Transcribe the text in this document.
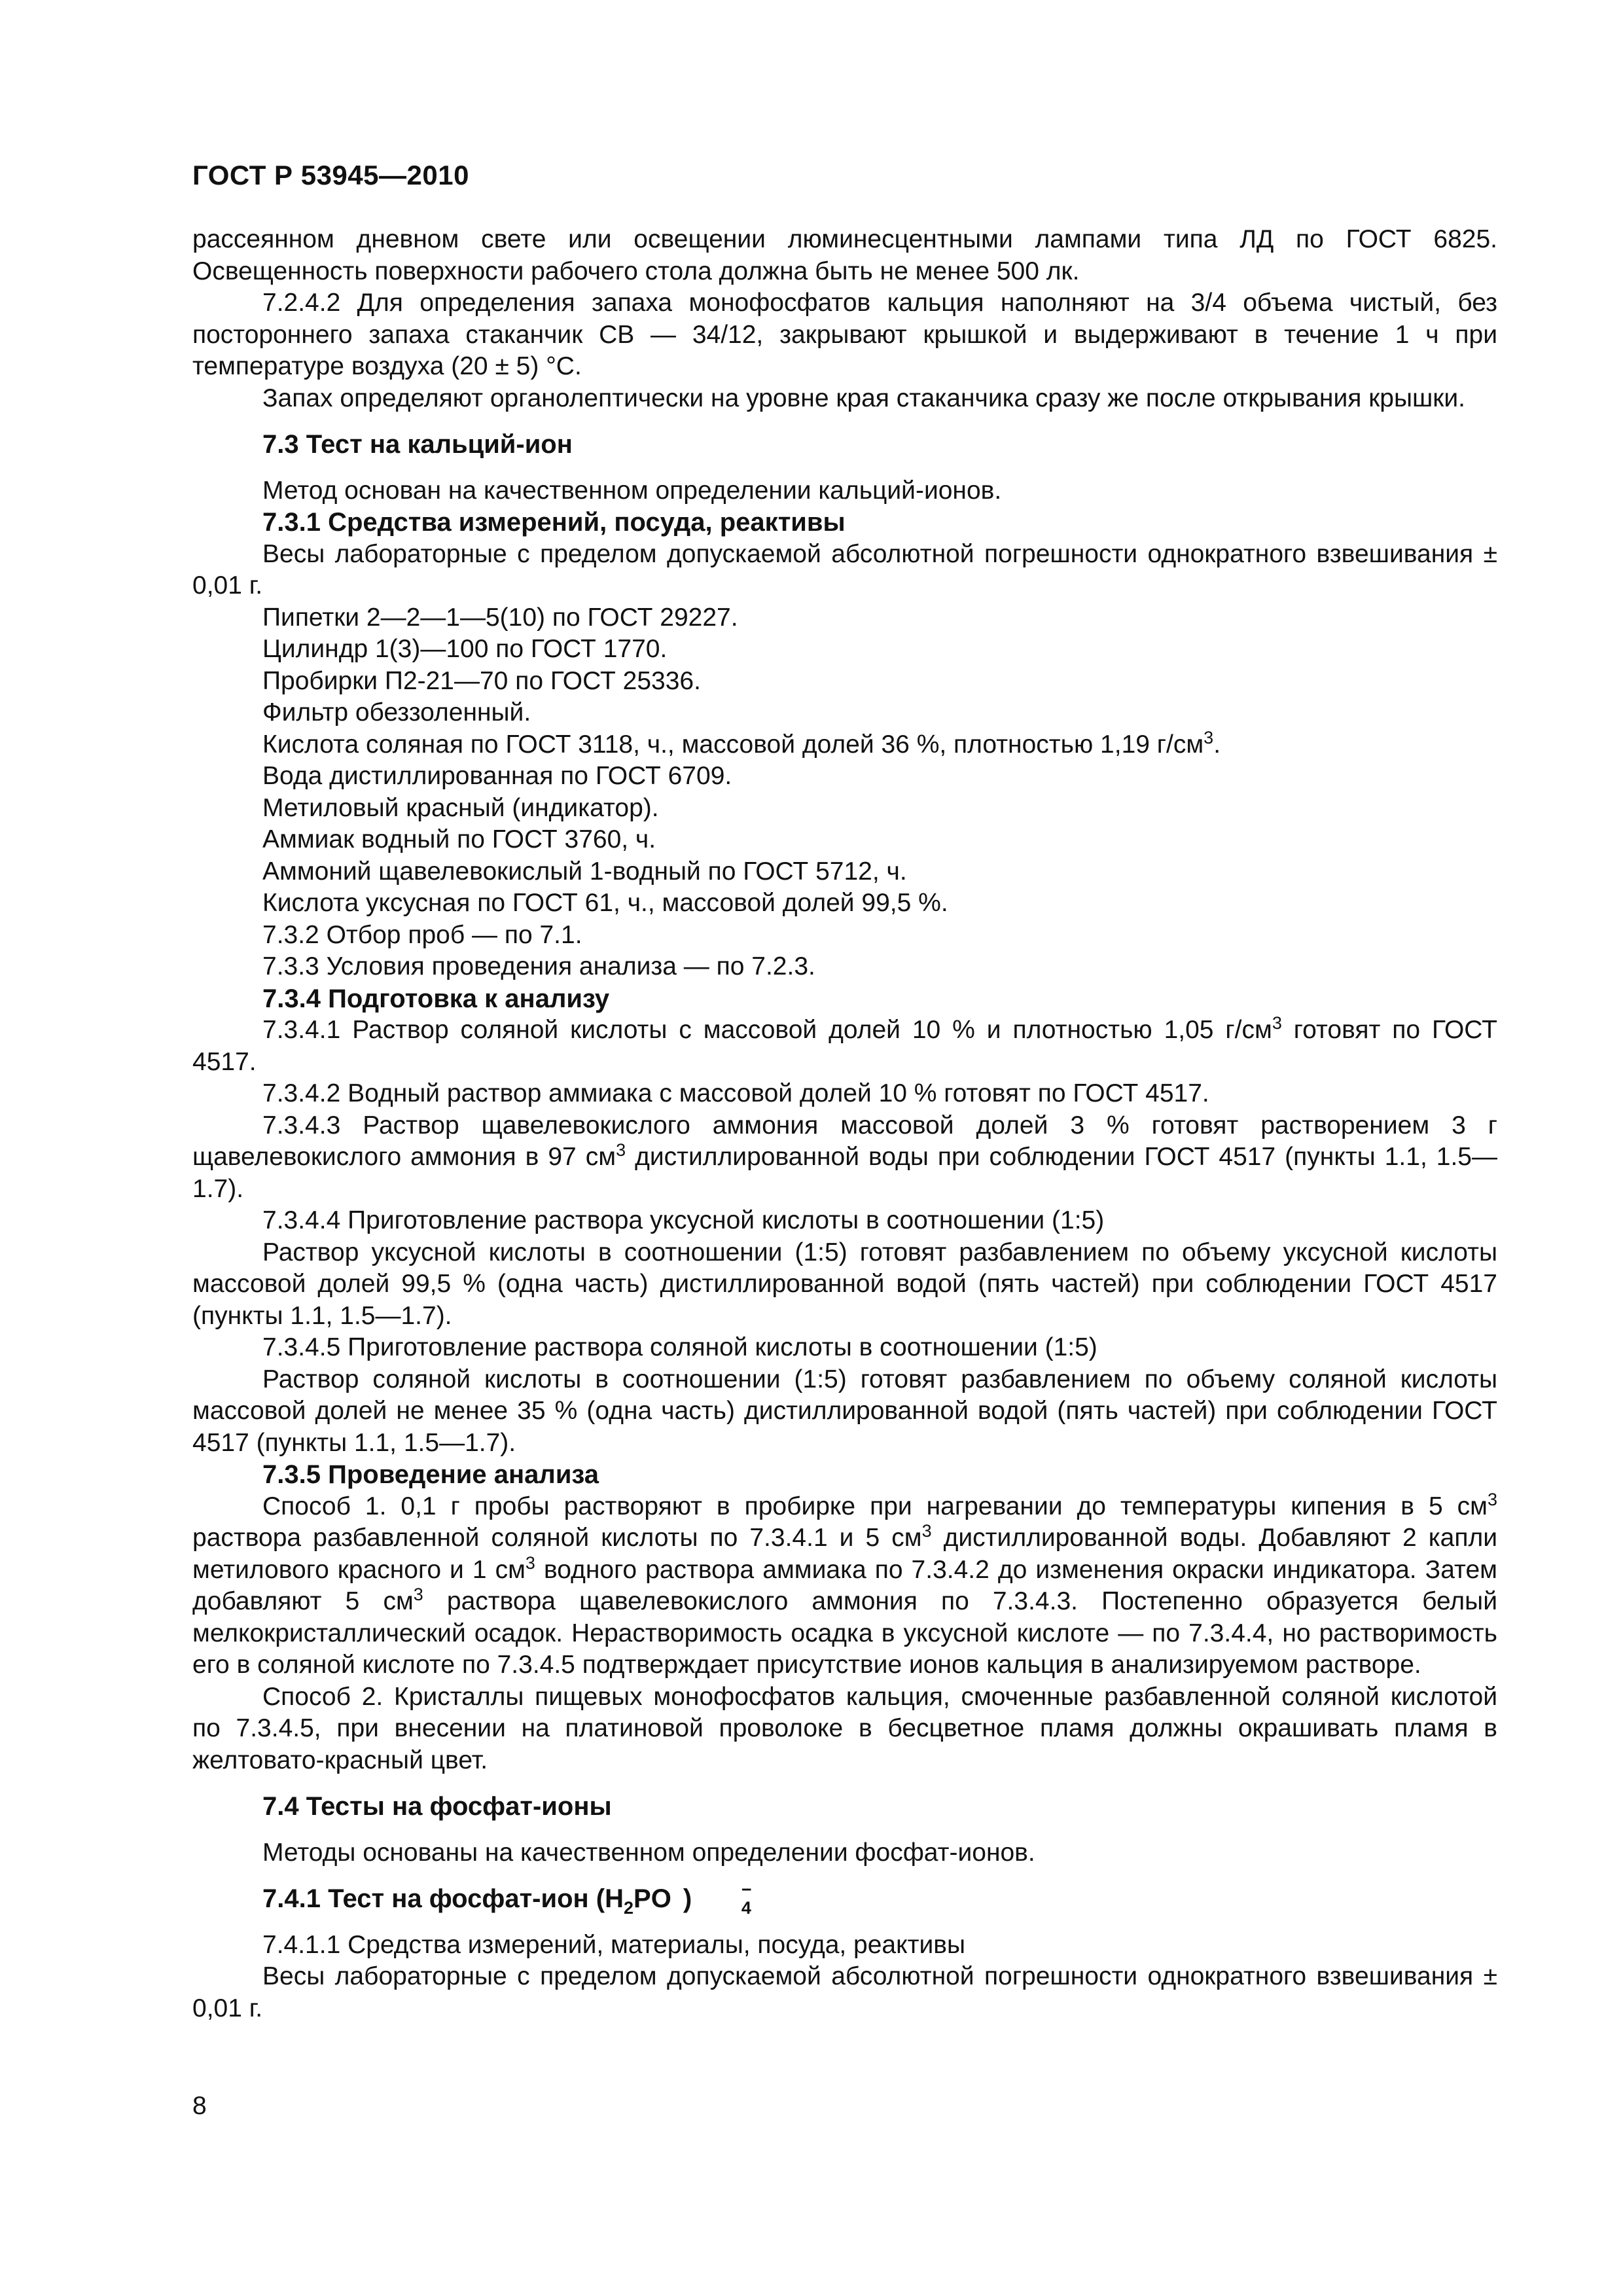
ГОСТ Р 53945—2010

рассеянном дневном свете или освещении люминесцентными лампами типа ЛД по ГОСТ 6825. Освещенность поверхности рабочего стола должна быть не менее 500 лк.

7.2.4.2 Для определения запаха монофосфатов кальция наполняют на 3/4 объема чистый, без постороннего запаха стаканчик СВ — 34/12, закрывают крышкой и выдерживают в течение 1 ч при температуре воздуха (20 ± 5) °С.

Запах определяют органолептически на уровне края стаканчика сразу же после открывания крышки.

7.3 Тест на кальций-ион

Метод основан на качественном определении кальций-ионов.

7.3.1 Средства измерений, посуда, реактивы

Весы лабораторные с пределом допускаемой абсолютной погрешности однократного взвешивания ± 0,01 г.

Пипетки 2—2—1—5(10) по ГОСТ 29227.

Цилиндр 1(3)—100 по ГОСТ 1770.

Пробирки П2-21—70 по ГОСТ 25336.

Фильтр обеззоленный.

Кислота соляная по ГОСТ 3118, ч., массовой долей 36 %, плотностью 1,19 $г/см^3$.

Вода дистиллированная по ГОСТ 6709.

Метиловый красный (индикатор).

Аммиак водный по ГОСТ 3760, ч.

Аммоний щавелевокислый 1-водный по ГОСТ 5712, ч.

Кислота уксусная по ГОСТ 61, ч., массовой долей 99,5 %.

7.3.2 Отбор проб — по 7.1.

7.3.3 Условия проведения анализа — по 7.2.3.

7.3.4 Подготовка к анализу

7.3.4.1 Раствор соляной кислоты с массовой долей 10 % и плотностью 1,05 $г/см^3$ готовят по ГОСТ 4517.

7.3.4.2 Водный раствор аммиака с массовой долей 10 % готовят по ГОСТ 4517.

7.3.4.3 Раствор щавелевокислого аммония массовой долей 3 % готовят растворением 3 г щавелевокислого аммония в 97 $см^3$ дистиллированной воды при соблюдении ГОСТ 4517 (пункты 1.1, 1.5—1.7).

7.3.4.4 Приготовление раствора уксусной кислоты в соотношении (1:5)

Раствор уксусной кислоты в соотношении (1:5) готовят разбавлением по объему уксусной кислоты массовой долей 99,5 % (одна часть) дистиллированной водой (пять частей) при соблюдении ГОСТ 4517 (пункты 1.1, 1.5—1.7).

7.3.4.5 Приготовление раствора соляной кислоты в соотношении (1:5)

Раствор соляной кислоты в соотношении (1:5) готовят разбавлением по объему соляной кислоты массовой долей не менее 35 % (одна часть) дистиллированной водой (пять частей) при соблюдении ГОСТ 4517 (пункты 1.1, 1.5—1.7).

7.3.5 Проведение анализа

Способ 1. 0,1 г пробы растворяют в пробирке при нагревании до температуры кипения в 5 $см^3$ раствора разбавленной соляной кислоты по 7.3.4.1 и 5 $см^3$ дистиллированной воды. Добавляют 2 капли метилового красного и 1 $см^3$ водного раствора аммиака по 7.3.4.2 до изменения окраски индикатора. Затем добавляют 5 $см^3$ раствора щавелевокислого аммония по 7.3.4.3. Постепенно образуется белый мелкокристаллический осадок. Нерастворимость осадка в уксусной кислоте — по 7.3.4.4, но растворимость его в соляной кислоте по 7.3.4.5 подтверждает присутствие ионов кальция в анализируемом растворе.

Способ 2. Кристаллы пищевых монофосфатов кальция, смоченные разбавленной соляной кислотой по 7.3.4.5, при внесении на платиновой проволоке в бесцветное пламя должны окрашивать пламя в желтовато-красный цвет.

7.4 Тесты на фосфат-ионы

Методы основаны на качественном определении фосфат-ионов.

7.4.1 Тест на фосфат-ион ($H_2PO$	−
4
)

7.4.1.1 Средства измерений, материалы, посуда, реактивы

Весы лабораторные с пределом допускаемой абсолютной погрешности однократного взвешивания ± 0,01 г.

8
